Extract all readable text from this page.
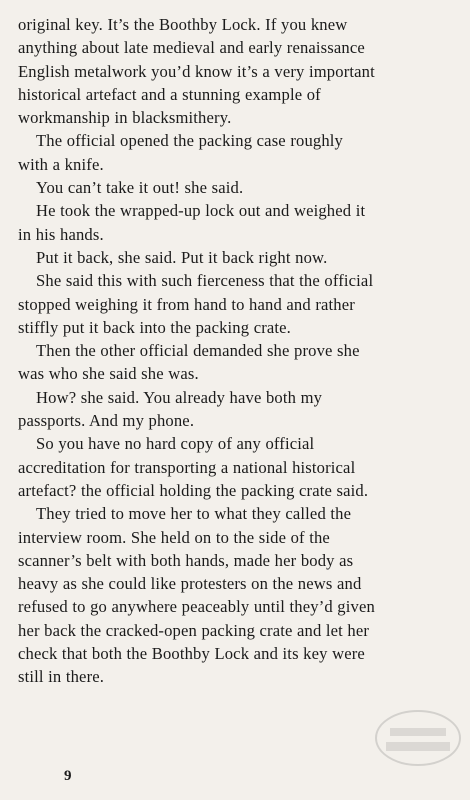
original key. It’s the Boothby Lock. If you knew
anything about late medieval and early renaissance
English metalwork you’d know it’s a very important
historical artefact and a stunning example of
workmanship in blacksmithery.
The official opened the packing case roughly
with a knife.
You can’t take it out! she said.
He took the wrapped-up lock out and weighed it
in his hands.
Put it back, she said. Put it back right now.
She said this with such fierceness that the official
stopped weighing it from hand to hand and rather
stiffly put it back into the packing crate.
Then the other official demanded she prove she
was who she said she was.
How? she said. You already have both my
passports. And my phone.
So you have no hard copy of any official
accreditation for transporting a national historical
artefact? the official holding the packing crate said.
They tried to move her to what they called the
interview room. She held on to the side of the
scanner’s belt with both hands, made her body as
heavy as she could like protesters on the news and
refused to go anywhere peaceably until they’d given
her back the cracked-open packing crate and let her
check that both the Boothby Lock and its key were
still in there.
9
